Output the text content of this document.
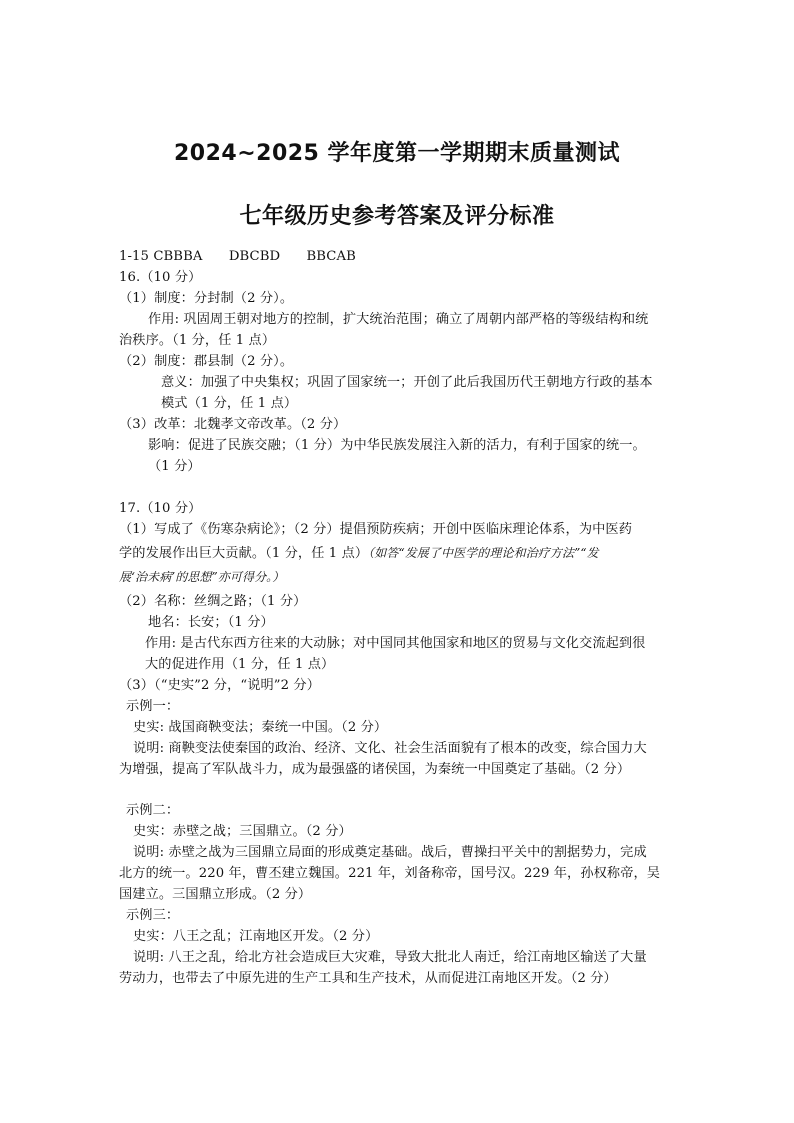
2024~2025 学年度第一学期期末质量测试
七年级历史参考答案及评分标准
1-15 CBBBA DBCBD BBCAB
16.（10 分）
（1）制度：分封制（2 分）。
作用: 巩固周王朝对地方的控制，扩大统治范围；确立了周朝内部严格的等级结构和统
治秩序。（1 分，任 1 点）
（2）制度：郡县制（2 分）。
意义：加强了中央集权；巩固了国家统一；开创了此后我国历代王朝地方行政的基本
模式（1 分，任 1 点）
（3）改革：北魏孝文帝改革。（2 分）
影响：促进了民族交融；（1 分）为中华民族发展注入新的活力，有利于国家的统一。
（1 分）
17.（10 分）
（1）写成了《伤寒杂病论》；（2 分）提倡预防疾病；开创中医临床理论体系，为中医药
学的发展作出巨大贡献。（1 分，任 1 点）（如答“发展了中医学的理论和治疗方法”“发
展‘治未病’的思想”亦可得分。）
（2）名称：丝绸之路；（1 分）
地名：长安；（1 分）
作用: 是古代东西方往来的大动脉；对中国同其他国家和地区的贸易与文化交流起到很
大的促进作用（1 分，任 1 点）
（3）（“史实”2 分，“说明”2 分）
示例一：
史实: 战国商鞅变法；秦统一中国。（2 分）
说明: 商鞅变法使秦国的政治、经济、文化、社会生活面貌有了根本的改变，综合国力大
为增强，提高了军队战斗力，成为最强盛的诸侯国，为秦统一中国奠定了基础。（2 分）
示例二：
史实：赤壁之战；三国鼎立。（2 分）
说明: 赤壁之战为三国鼎立局面的形成奠定基础。战后，曹操扫平关中的割据势力，完成
北方的统一。220 年，曹丕建立魏国。221 年，刘备称帝，国号汉。229 年，孙权称帝，吴
国建立。三国鼎立形成。（2 分）
示例三：
史实：八王之乱；江南地区开发。（2 分）
说明: 八王之乱，给北方社会造成巨大灾难，导致大批北人南迁，给江南地区输送了大量
劳动力，也带去了中原先进的生产工具和生产技术，从而促进江南地区开发。（2 分）
